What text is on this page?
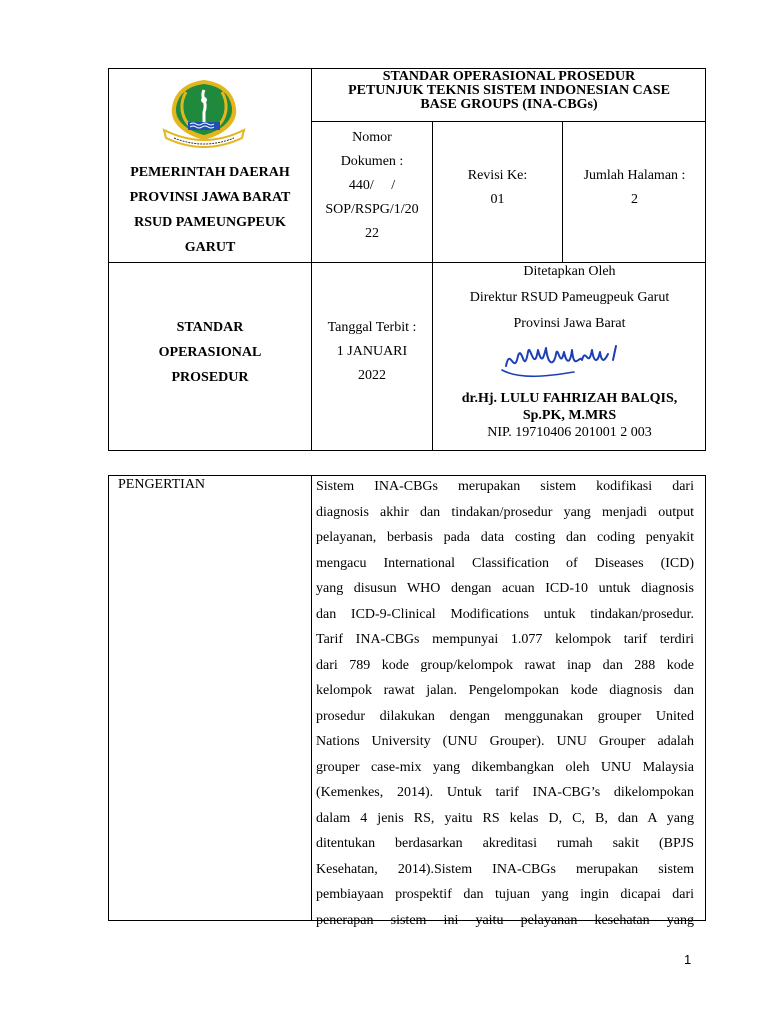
STANDAR OPERASIONAL PROSEDUR
PETUNJUK TEKNIS SISTEM INDONESIAN CASE
BASE GROUPS (INA-CBGs)
PEMERINTAH DAERAH
PROVINSI JAWA BARAT
RSUD PAMEUNGPEUK
GARUT
Nomor
Dokumen :
440/     /
SOP/RSPG/1/20
22
Revisi Ke:
01
Jumlah Halaman :
2
STANDAR
OPERASIONAL
PROSEDUR
Tanggal Terbit :
1 JANUARI
2022
Ditetapkan Oleh
Direktur RSUD Pameugpeuk Garut
Provinsi Jawa Barat
dr.Hj. LULU FAHRIZAH BALQIS,
Sp.PK, M.MRS
NIP. 19710406 201001 2 003
PENGERTIAN	Sistem INA-CBGs merupakan sistem kodifikasi dari
diagnosis akhir dan tindakan/prosedur yang menjadi output
pelayanan, berbasis pada data costing dan coding penyakit
mengacu International Classification of Diseases (ICD)
yang disusun WHO dengan acuan ICD-10 untuk diagnosis
dan ICD-9-Clinical Modifications untuk tindakan/prosedur.
Tarif INA-CBGs mempunyai 1.077 kelompok tarif terdiri
dari 789 kode group/kelompok rawat inap dan 288 kode
kelompok rawat jalan. Pengelompokan kode diagnosis dan
prosedur dilakukan dengan menggunakan grouper United
Nations University (UNU Grouper). UNU Grouper adalah
grouper case-mix yang dikembangkan oleh UNU Malaysia
(Kemenkes, 2014). Untuk tarif INA-CBG’s dikelompokan
dalam 4 jenis RS, yaitu RS kelas D, C, B, dan A yang
ditentukan berdasarkan akreditasi rumah sakit (BPJS
Kesehatan, 2014).Sistem INA-CBGs merupakan sistem
pembiayaan prospektif dan tujuan yang ingin dicapai dari
penerapan sistem ini yaitu pelayanan kesehatan yang
1
